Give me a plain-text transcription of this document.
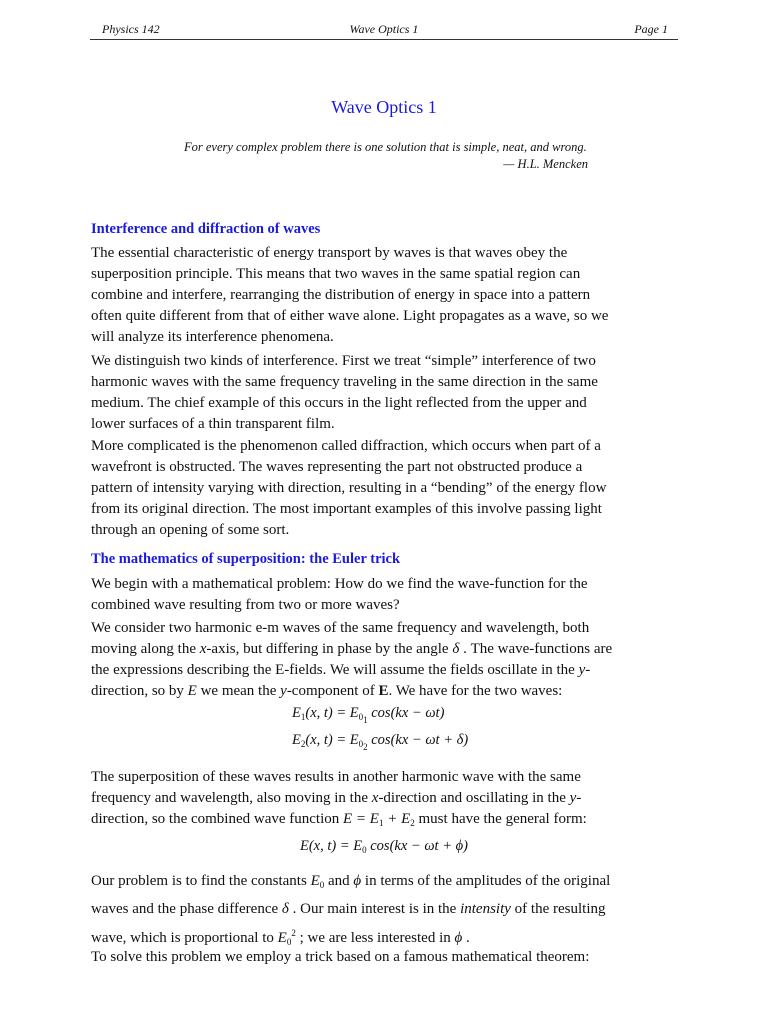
Physics 142	Wave Optics 1	Page 1
Wave Optics 1
For every complex problem there is one solution that is simple, neat, and wrong.
— H.L. Mencken
Interference and diffraction of waves
The essential characteristic of energy transport by waves is that waves obey the
superposition principle. This means that two waves in the same spatial region can
combine and interfere, rearranging the distribution of energy in space into a pattern
often quite different from that of either wave alone. Light propagates as a wave, so we
will analyze its interference phenomena.
We distinguish two kinds of interference. First we treat “simple” interference of two
harmonic waves with the same frequency traveling in the same direction in the same
medium. The chief example of this occurs in the light reflected from the upper and
lower surfaces of a thin transparent film.
More complicated is the phenomenon called diffraction, which occurs when part of a
wavefront is obstructed. The waves representing the part not obstructed produce a
pattern of intensity varying with direction, resulting in a “bending” of the energy flow
from its original direction. The most important examples of this involve passing light
through an opening of some sort.
The mathematics of superposition: the Euler trick
We begin with a mathematical problem: How do we find the wave-function for the
combined wave resulting from two or more waves?
We consider two harmonic e-m waves of the same frequency and wavelength, both
moving along the x-axis, but differing in phase by the angle δ . The wave-functions are
the expressions describing the E-fields. We will assume the fields oscillate in the y-
direction, so by E we mean the y-component of E. We have for the two waves:
$E_1(x$, $t) = E_{0_1}$ cos(kx − ωt)
$E_2(x$, $t) = E_{0_2}$ cos(kx − ωt + δ)
The superposition of these waves results in another harmonic wave with the same
frequency and wavelength, also moving in the x-direction and oscillating in the y-
direction, so the combined wave function $E = E_1 + E_2$ must have the general form:
E(x, $t) = E_0$ cos(kx − ωt + ϕ)
Our problem is to find the constants $E_0$ and ϕ in terms of the amplitudes of the original
waves and the phase difference δ . Our main interest is in the intensity of the resulting
wave, which is proportional to $E_0^2$ ; we are less interested in ϕ .
To solve this problem we employ a trick based on a famous mathematical theorem:
